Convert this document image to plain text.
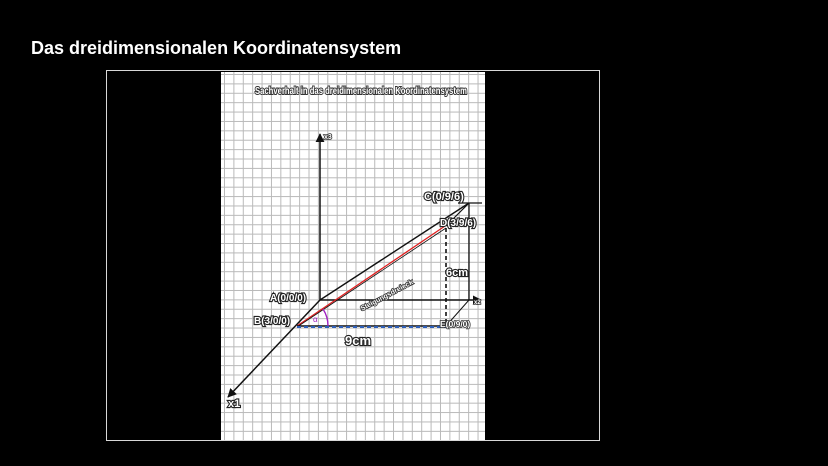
Das dreidimensionalen Koordinatensystem
Sachverhalt in das dreidimensionalen Koordinatensystem
x3
x2
x1
α
Steigungsdreieck
9cm
6cm
A(0/0/0)
B(3/0/0)
C(0/9/6)
D(3/9/6)
E(0/9/0)
